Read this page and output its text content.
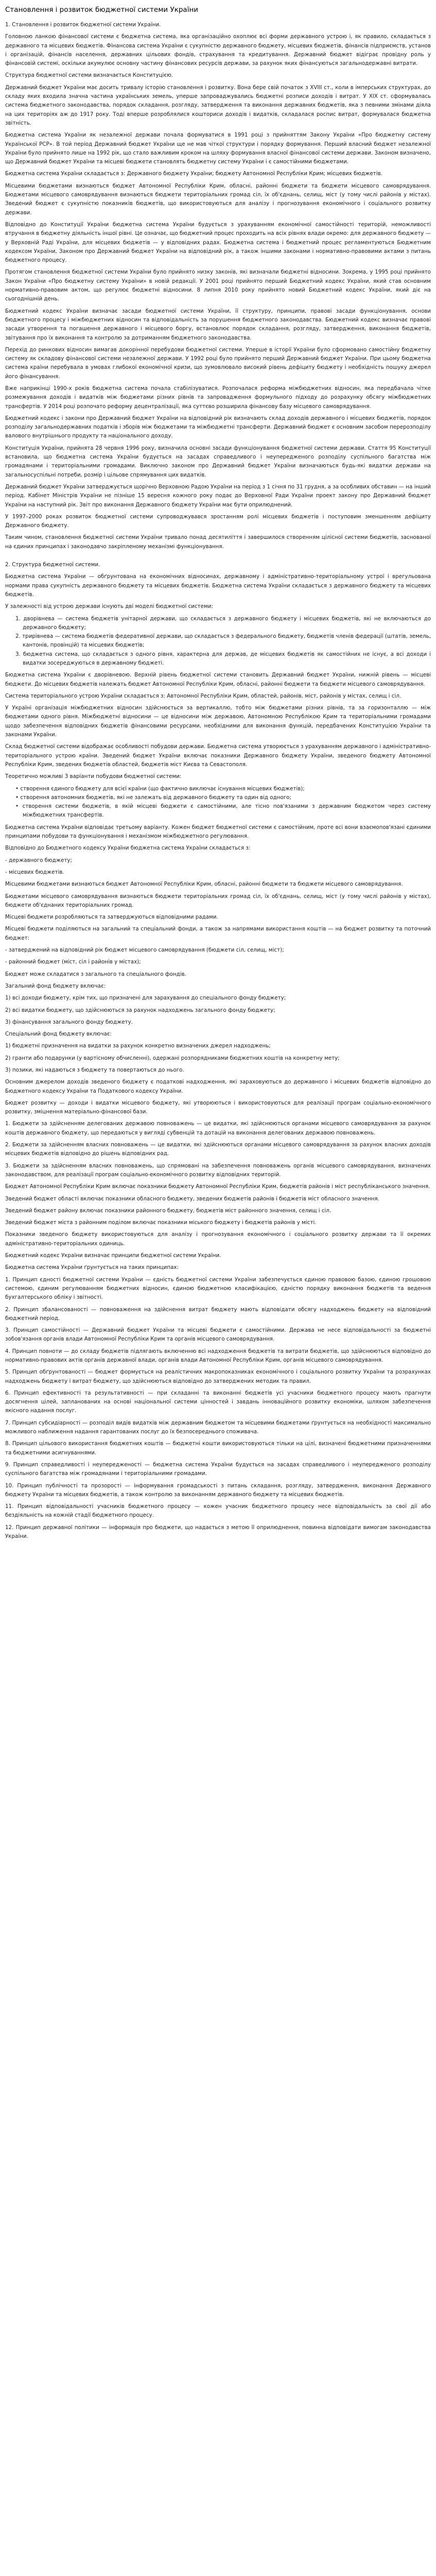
Становлення і розвиток бюджетної системи України

1. Становлення і розвиток бюджетної системи України.

Головною ланкою фінансової системи є бюджетна система, яка організаційно охоплює всі форми державного устрою і, як правило, складається з державного та місцевих бюджетів. Фінансова система України є сукупністю державного бюджету, місцевих бюджетів, фінансів підприємств, установ і організацій, фінансів населення, державних цільових фондів, страхування та кредитування. Державний бюджет відіграє провідну роль у фінансовій системі, оскільки акумулює основну частину фінансових ресурсів держави, за рахунок яких фінансуються загальнодержавні витрати.

Структура бюджетної системи визначається Конституцією.

Державний бюджет України має досить тривалу історію становлення і розвитку. Вона бере свій початок з XVIII ст., коли в імперських структурах, до складу яких входила значна частина українських земель, уперше запроваджувались бюджетні розписи доходів і витрат. У XIX ст. сформувалась система бюджетного законодавства, порядок складання, розгляду, затвердження та виконання державних бюджетів, яка з певними змінами діяла на цих територіях аж до 1917 року. Тоді вперше розроблялися кошториси доходів і видатків, складалася роспис витрат, формувалася бюджетна звітність.

Бюджетна система України як незалежної держави почала формуватися в 1991 році з прийняттям Закону України «Про бюджетну систему Української РСР». В той період Державний бюджет України ще не мав чіткої структури і порядку формування. Перший власний бюджет незалежної України було прийнято лише на 1992 рік, що стало важливим кроком на шляху формування власної фінансової системи держави. Законом визначено, що Державний бюджет України та місцеві бюджети становлять бюджетну систему України і є самостійними бюджетами.

Бюджетна система України складається з: Державного бюджету України; бюджету Автономної Республіки Крим; місцевих бюджетів.

Місцевими бюджетами визнаються бюджет Автономної Республіки Крим, обласні, районні бюджети та бюджети місцевого самоврядування. Бюджетами місцевого самоврядування визнаються бюджети територіальних громад сіл, їх об'єднань, селищ, міст (у тому числі районів у містах). Зведений бюджет є сукупністю показників бюджетів, що використовуються для аналізу і прогнозування економічного і соціального розвитку держави.

Відповідно до Конституції України бюджетна система України будується з урахуванням економічної самостійності територій, неможливості втручання в бюджетну діяльність іншої рівні. Це означає, що бюджетний процес проходить на всіх рівнях влади окремо: для державного бюджету — у Верховній Раді України, для місцевих бюджетів — у відповідних радах. Бюджетна система і бюджетний процес регламентуються Бюджетним кодексом України, Законом про Державний бюджет України на відповідний рік, а також іншими законами і нормативно-правовими актами з питань бюджетного процесу.

Протягом становлення бюджетної системи України було прийнято низку законів, які визначали бюджетні відносини. Зокрема, у 1995 році прийнято Закон України «Про бюджетну систему України» в новій редакції. У 2001 році прийнято перший Бюджетний кодекс України, який став основним нормативно-правовим актом, що регулює бюджетні відносини. 8 липня 2010 року прийнято новий Бюджетний кодекс України, який діє на сьогоднішній день.

Бюджетний кодекс України визначає засади бюджетної системи України, її структуру, принципи, правові засади функціонування, основи бюджетного процесу і міжбюджетних відносин та відповідальність за порушення бюджетного законодавства. Бюджетний кодекс визначає правові засади утворення та погашення державного і місцевого боргу, встановлює порядок складання, розгляду, затвердження, виконання бюджетів, звітування про їх виконання та контролю за дотриманням бюджетного законодавства.

Перехід до ринкових відносин вимагав докорінної перебудови бюджетної системи. Уперше в історії України було сформовано самостійну бюджетну систему як складову фінансової системи незалежної держави. У 1992 році було прийнято перший Державний бюджет України. При цьому бюджетна система країни перебувала в умовах глибокої економічної кризи, що зумовлювало високий рівень дефіциту бюджету і необхідність пошуку джерел його фінансування.

Вже наприкінці 1990-х років бюджетна система почала стабілізуватися. Розпочалася реформа міжбюджетних відносин, яка передбачала чітке розмежування доходів і видатків між бюджетами різних рівнів та запровадження формульного підходу до розрахунку обсягу міжбюджетних трансфертів. У 2014 році розпочато реформу децентралізації, яка суттєво розширила фінансову базу місцевого самоврядування.

Бюджетний кодекс і закони про Державний бюджет України на відповідний рік визначають склад доходів державного і місцевих бюджетів, порядок розподілу загальнодержавних податків і зборів між бюджетами та міжбюджетні трансферти. Державний бюджет є основним засобом перерозподілу валового внутрішнього продукту та національного доходу.

Конституція України, прийнята 28 червня 1996 року, визначила основні засади функціонування бюджетної системи держави. Стаття 95 Конституції встановила, що бюджетна система України будується на засадах справедливого і неупередженого розподілу суспільного багатства між громадянами і територіальними громадами. Виключно законом про Державний бюджет України визначаються будь-які видатки держави на загальносуспільні потреби, розмір і цільове спрямування цих видатків.

Державний бюджет України затверджується щорічно Верховною Радою України на період з 1 січня по 31 грудня, а за особливих обставин — на інший період. Кабінет Міністрів України не пізніше 15 вересня кожного року подає до Верховної Ради України проект закону про Державний бюджет України на наступний рік. Звіт про виконання Державного бюджету України має бути оприлюднений.

У 1997–2000 роках розвиток бюджетної системи супроводжувався зростанням ролі місцевих бюджетів і поступовим зменшенням дефіциту Державного бюджету.

Таким чином, становлення бюджетної системи України тривало понад десятиліття і завершилося створенням цілісної системи бюджетів, заснованої на єдиних принципах і законодавчо закріпленому механізмі функціонування.

2. Структура бюджетної системи.

Бюджетна система України — обґрунтована на економічних відносинах, державному і адміністративно-територіальному устрої і врегульована нормами права сукупність державного бюджету та місцевих бюджетів. Бюджетна система України складається з державного бюджету та місцевих бюджетів.

У залежності від устрою держави існують дві моделі бюджетної системи:

1. дворівнева — система бюджетів унітарної держави, що складається з державного бюджету і місцевих бюджетів, які не включаються до державного бюджету;
2. трирівнева — система бюджетів федеративної держави, що складається з федерального бюджету, бюджетів членів федерації (штатів, земель, кантонів, провінцій) та місцевих бюджетів;
3. бюджетна система, що складається з одного рівня, характерна для держав, де місцевих бюджетів як самостійних не існує, а всі доходи і видатки зосереджуються в державному бюджеті.

Бюджетна система України є дворівневою. Верхній рівень бюджетної системи становить Державний бюджет України, нижній рівень — місцеві бюджети. До місцевих бюджетів належать бюджет Автономної Республіки Крим, обласні, районні бюджети та бюджети місцевого самоврядування.

Система територіального устрою України складається з: Автономної Республіки Крим, областей, районів, міст, районів у містах, селищ і сіл.

У Україні організація міжбюджетних відносин здійснюється за вертикаллю, тобто між бюджетами різних рівнів, та за горизонталлю — між бюджетами одного рівня. Міжбюджетні відносини — це відносини між державою, Автономною Республікою Крим та територіальними громадами щодо забезпечення відповідних бюджетів фінансовими ресурсами, необхідними для виконання функцій, передбачених Конституцією України та законами України.

Склад бюджетної системи відображає особливості побудови держави. Бюджетна система утворюється з урахуванням державного і адміністративно-територіального устрою країни. Зведений бюджет України включає показники Державного бюджету України, зведеного бюджету Автономної Республіки Крим, зведених бюджетів областей, бюджетів міст Києва та Севастополя.

Теоретично можливі 3 варіанти побудови бюджетної системи:

• створення єдиного бюджету для всієї країни (що фактично виключає існування місцевих бюджетів);
• створення автономних бюджетів, які не залежать від державного бюджету та один від одного;
• створення системи бюджетів, в якій місцеві бюджети є самостійними, але тісно пов'язаними з державним бюджетом через систему міжбюджетних трансфертів.

Бюджетна система України відповідає третьому варіанту. Кожен бюджет бюджетної системи є самостійним, проте всі вони взаємопов'язані єдиними принципами побудови та функціонування і механізмом міжбюджетного регулювання.

Відповідно до Бюджетного кодексу України бюджетна система України складається з:

- державного бюджету;

- місцевих бюджетів.

Місцевими бюджетами визнаються бюджет Автономної Республіки Крим, обласні, районні бюджети та бюджети місцевого самоврядування.

Бюджетами місцевого самоврядування визнаються бюджети територіальних громад сіл, їх об'єднань, селищ, міст (у тому числі районів у містах), бюджети об'єднаних територіальних громад.

Місцеві бюджети розробляються та затверджуються відповідними радами.

Місцеві бюджети поділяються на загальний та спеціальний фонди, а також за напрямами використання коштів — на бюджет розвитку та поточний бюджет:

- затверджений на відповідний рік бюджет місцевого самоврядування (бюджети сіл, селищ, міст);

- районний бюджет (міст, сіл і районів у містах);

Бюджет може складатися з загального та спеціального фондів.

Загальний фонд бюджету включає:

1) всі доходи бюджету, крім тих, що призначені для зарахування до спеціального фонду бюджету;

2) всі видатки бюджету, що здійснюються за рахунок надходжень загального фонду бюджету;

3) фінансування загального фонду бюджету.

Спеціальний фонд бюджету включає:

1) бюджетні призначення на видатки за рахунок конкретно визначених джерел надходжень;

2) гранти або подарунки (у вартісному обчисленні), одержані розпорядниками бюджетних коштів на конкретну мету;

3) позики, які надаються з бюджету та повертаються до нього.

Основним джерелом доходів зведеного бюджету є податкові надходження, які зараховуються до державного і місцевих бюджетів відповідно до Бюджетного кодексу України та Податкового кодексу України.

Бюджет розвитку — доходи і видатки місцевого бюджету, які утворюються і використовуються для реалізації програм соціально-економічного розвитку, зміцнення матеріально-фінансової бази.

1. Бюджети за здійсненням делегованих державою повноважень — це видатки, які здійснюються органами місцевого самоврядування за рахунок коштів державного бюджету, що передаються у вигляді субвенцій та дотацій на виконання делегованих державою повноважень.

2. Бюджети за здійсненням власних повноважень — це видатки, які здійснюються органами місцевого самоврядування за рахунок власних доходів місцевих бюджетів відповідно до рішень відповідних рад.

3. Бюджети за здійсненням власних повноважень, що спрямовані на забезпечення повноважень органів місцевого самоврядування, визначених законодавством, для реалізації програм соціально-економічного розвитку відповідних територій.

Бюджет Автономної Республіки Крим включає показники бюджету Автономної Республіки Крим, бюджетів районів і міст республіканського значення.

Зведений бюджет області включає показники обласного бюджету, зведених бюджетів районів і бюджетів міст обласного значення.

Зведений бюджет району включає показники районного бюджету, бюджетів міст районного значення, селищ і сіл.

Зведений бюджет міста з районним поділом включає показники міського бюджету і бюджетів районів у місті.

Показники зведеного бюджету використовуються для аналізу і прогнозування економічного і соціального розвитку держави та її окремих адміністративно-територіальних одиниць.

Бюджетний кодекс України визначає принципи бюджетної системи України.

Бюджетна система України ґрунтується на таких принципах:

1. Принцип єдності бюджетної системи України — єдність бюджетної системи України забезпечується єдиною правовою базою, єдиною грошовою системою, єдиним регулюванням бюджетних відносин, єдиною бюджетною класифікацією, єдністю порядку виконання бюджетів та ведення бухгалтерського обліку і звітності.

2. Принцип збалансованості — повноваження на здійснення витрат бюджету мають відповідати обсягу надходжень бюджету на відповідний бюджетний період.

3. Принцип самостійності — Державний бюджет України та місцеві бюджети є самостійними. Держава не несе відповідальності за бюджетні зобов'язання органів влади Автономної Республіки Крим та органів місцевого самоврядування.

4. Принцип повноти — до складу бюджетів підлягають включенню всі надходження бюджетів та витрати бюджетів, що здійснюються відповідно до нормативно-правових актів органів державної влади, органів влади Автономної Республіки Крим, органів місцевого самоврядування.

5. Принцип обґрунтованості — бюджет формується на реалістичних макропоказниках економічного і соціального розвитку України та розрахунках надходжень бюджету і витрат бюджету, що здійснюються відповідно до затверджених методик та правил.

6. Принцип ефективності та результативності — при складанні та виконанні бюджетів усі учасники бюджетного процесу мають прагнути досягнення цілей, запланованих на основі національної системи цінностей і завдань інноваційного розвитку економіки, шляхом забезпечення якісного надання послуг.

7. Принцип субсидіарності — розподіл видів видатків між державним бюджетом та місцевими бюджетами ґрунтується на необхідності максимально можливого наближення надання гарантованих послуг до їх безпосереднього споживача.

8. Принцип цільового використання бюджетних коштів — бюджетні кошти використовуються тільки на цілі, визначені бюджетними призначеннями та бюджетними асигнуваннями.

9. Принцип справедливості і неупередженості — бюджетна система України будується на засадах справедливого і неупередженого розподілу суспільного багатства між громадянами і територіальними громадами.

10. Принцип публічності та прозорості — інформування громадськості з питань складання, розгляду, затвердження, виконання Державного бюджету України та місцевих бюджетів, а також контролю за виконанням державного бюджету та місцевих бюджетів.

11. Принцип відповідальності учасників бюджетного процесу — кожен учасник бюджетного процесу несе відповідальність за свої дії або бездіяльність на кожній стадії бюджетного процесу.

12. Принцип державної політики — інформація про бюджети, що надається з метою її оприлюднення, повинна відповідати вимогам законодавства України.
